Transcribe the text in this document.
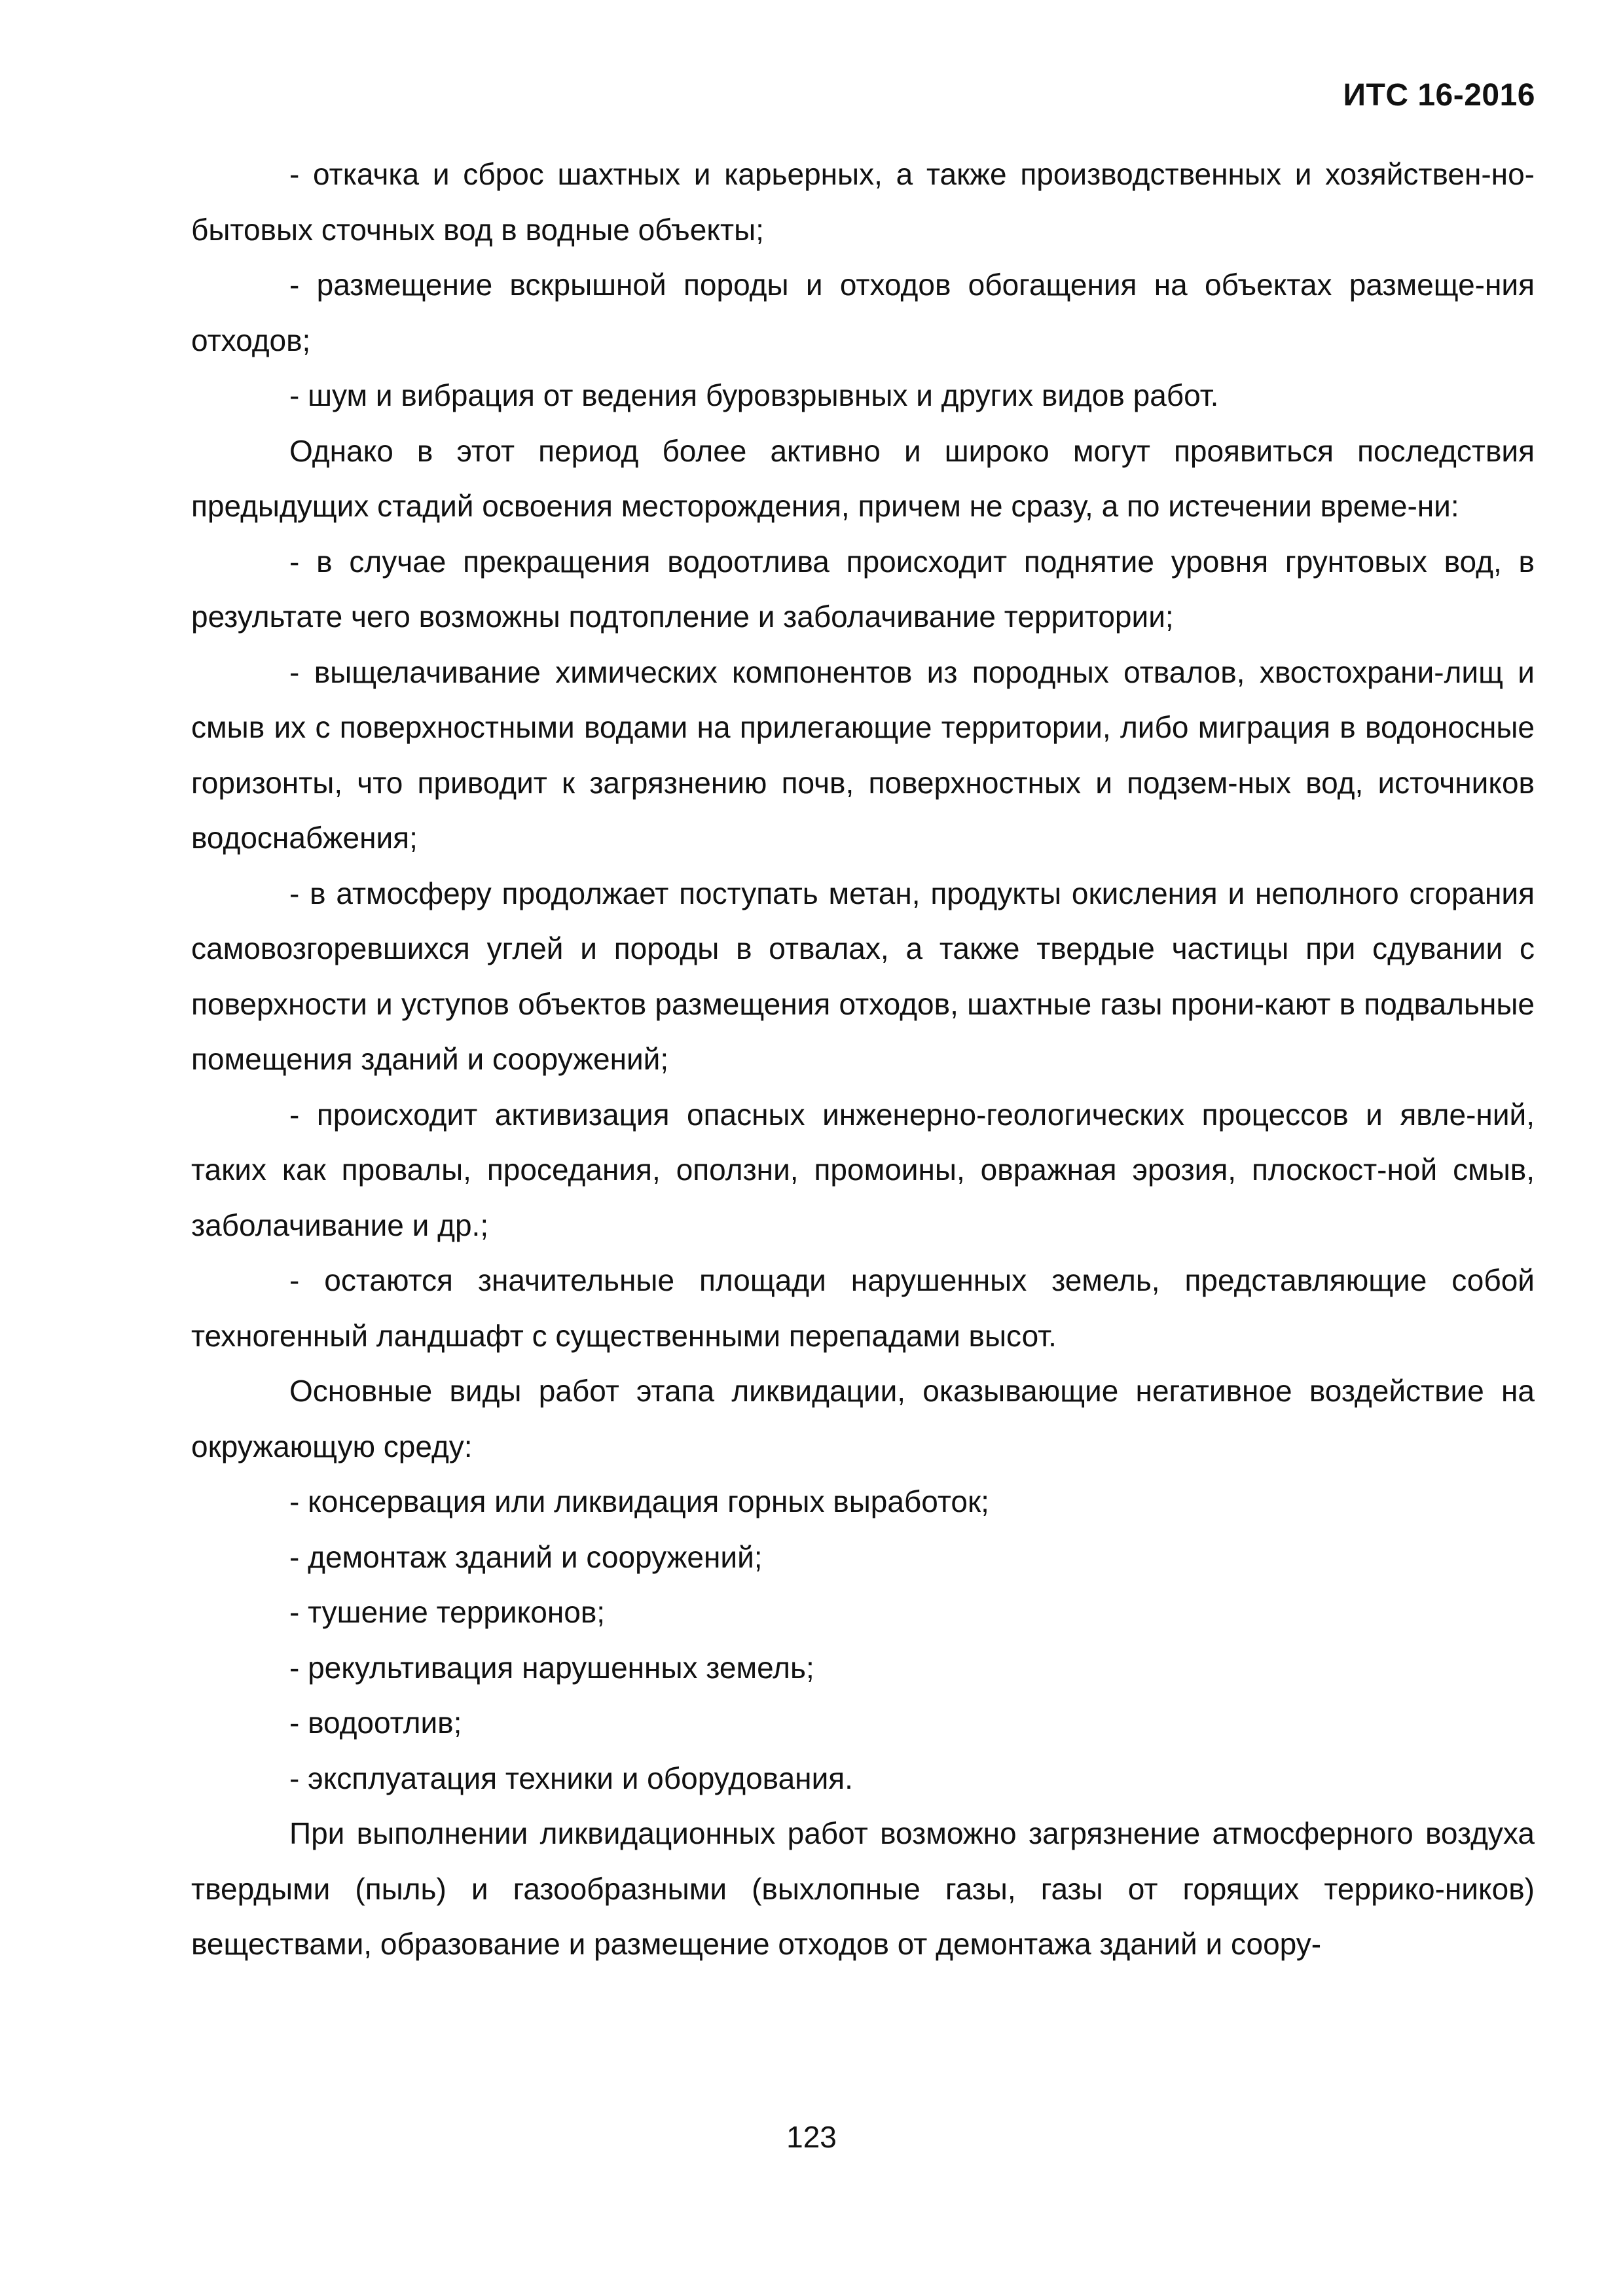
ИТС 16-2016

- откачка и сброс шахтных и карьерных, а также производственных и хозяйствен-но-бытовых сточных вод в водные объекты;

- размещение вскрышной породы и отходов обогащения на объектах размеще-ния отходов;

- шум и вибрация от ведения буровзрывных и других видов работ.

Однако в этот период более активно и широко могут проявиться последствия предыдущих стадий освоения месторождения, причем не сразу, а по истечении време-ни:

- в случае прекращения водоотлива происходит поднятие уровня грунтовых вод, в результате чего возможны подтопление и заболачивание территории;

- выщелачивание химических компонентов из породных отвалов, хвостохрани-лищ и смыв их с поверхностными водами на прилегающие территории, либо миграция в водоносные горизонты, что приводит к загрязнению почв, поверхностных и подзем-ных вод, источников водоснабжения;

- в атмосферу продолжает поступать метан, продукты окисления и неполного сгорания самовозгоревшихся углей и породы в отвалах, а также твердые частицы при сдувании с поверхности и уступов объектов размещения отходов, шахтные газы прони-кают в подвальные помещения зданий и сооружений;

- происходит активизация опасных инженерно-геологических процессов и явле-ний, таких как провалы, проседания, оползни, промоины, овражная эрозия, плоскост-ной смыв, заболачивание и др.;

- остаются значительные площади нарушенных земель, представляющие собой техногенный ландшафт с существенными перепадами высот.

Основные виды работ этапа ликвидации, оказывающие негативное воздействие на окружающую среду:

- консервация или ликвидация горных выработок;

- демонтаж зданий и сооружений;

- тушение терриконов;

- рекультивация нарушенных земель;

- водоотлив;

- эксплуатация техники и оборудования.

При выполнении ликвидационных работ возможно загрязнение атмосферного воздуха твердыми (пыль) и газообразными (выхлопные газы, газы от горящих террико-ников) веществами, образование и размещение отходов от демонтажа зданий и соору-

123
